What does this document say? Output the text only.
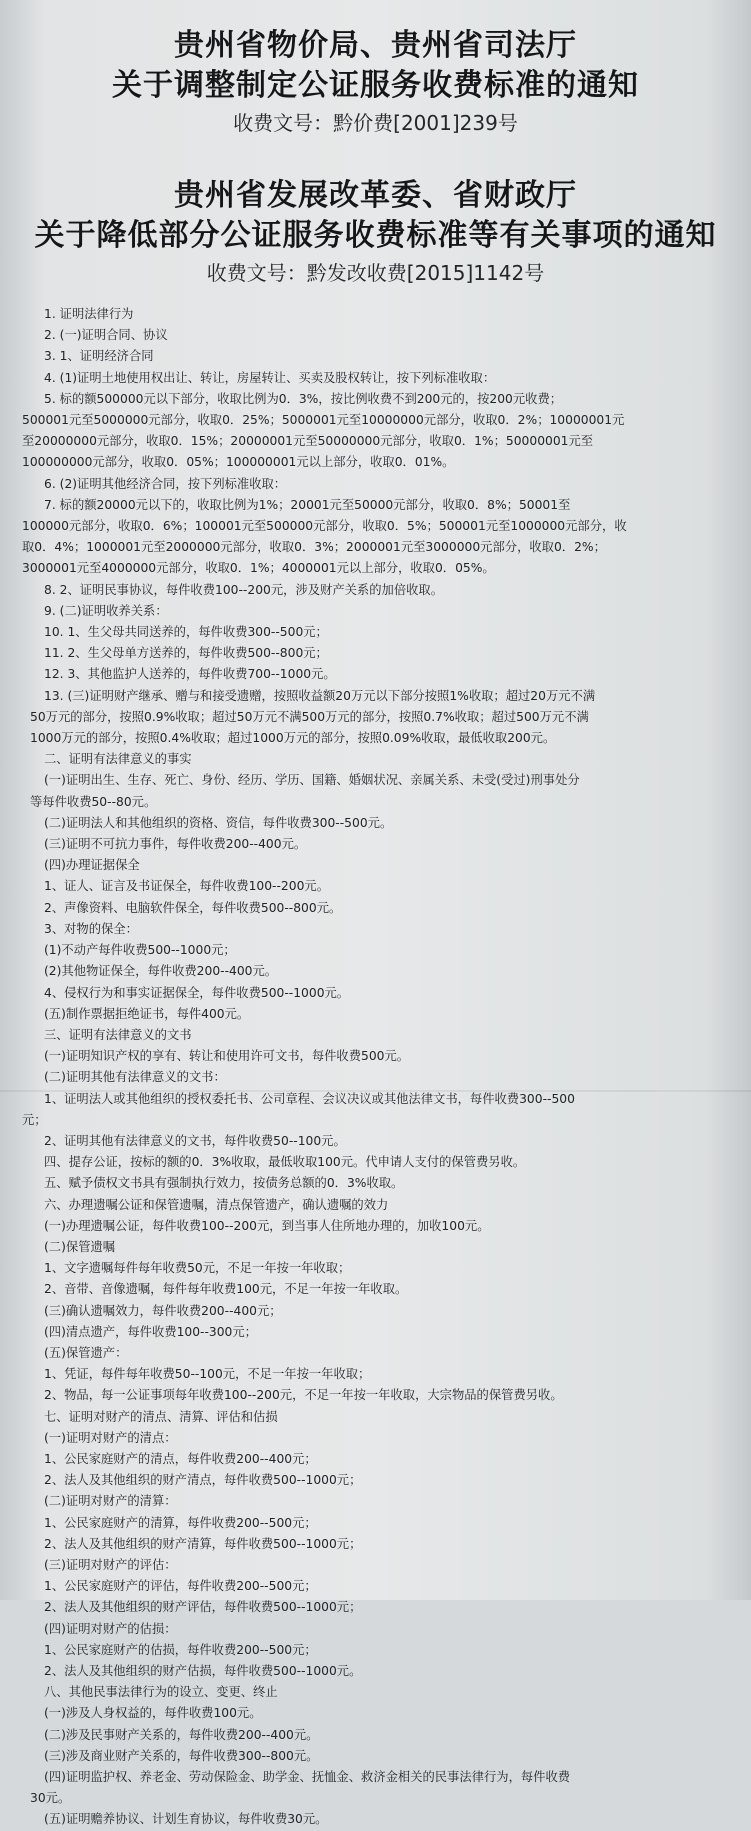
贵州省物价局、贵州省司法厅
关于调整制定公证服务收费标准的通知
收费文号：黔价费[2001]239号
贵州省发展改革委、省财政厅
关于降低部分公证服务收费标准等有关事项的通知
收费文号：黔发改收费[2015]1142号
1. 证明法律行为
2. (一)证明合同、协议
3. 1、证明经济合同
4. (1)证明土地使用权出让、转让，房屋转让、买卖及股权转让，按下列标准收取：
5. 标的额500000元以下部分，收取比例为0．3%，按比例收费不到200元的，按200元收费；
500001元至5000000元部分，收取0．25%；5000001元至10000000元部分，收取0．2%；10000001元
至20000000元部分，收取0．15%；20000001元至50000000元部分，收取0．1%；50000001元至
100000000元部分，收取0．05%；100000001元以上部分，收取0．01%。
6. (2)证明其他经济合同，按下列标准收取：
7. 标的额20000元以下的，收取比例为1%；20001元至50000元部分，收取0．8%；50001至
100000元部分，收取0．6%；100001元至500000元部分，收取0．5%；500001元至1000000元部分，收
取0．4%；1000001元至2000000元部分，收取0．3%；2000001元至3000000元部分，收取0．2%；
3000001元至4000000元部分，收取0．1%；4000001元以上部分，收取0．05%。
8. 2、证明民事协议，每件收费100--200元，涉及财产关系的加倍收取。
9. (二)证明收养关系：
10. 1、生父母共同送养的，每件收费300--500元；
11. 2、生父母单方送养的，每件收费500--800元；
12. 3、其他监护人送养的，每件收费700--1000元。
13. (三)证明财产继承、赠与和接受遗赠，按照收益额20万元以下部分按照1%收取；超过20万元不满
50万元的部分，按照0.9%收取；超过50万元不满500万元的部分，按照0.7%收取；超过500万元不满
1000万元的部分，按照0.4%收取；超过1000万元的部分，按照0.09%收取，最低收取200元。
二、证明有法律意义的事实
(一)证明出生、生存、死亡、身份、经历、学历、国籍、婚姻状况、亲属关系、未受(受过)刑事处分
等每件收费50--80元。
(二)证明法人和其他组织的资格、资信，每件收费300--500元。
(三)证明不可抗力事件，每件收费200--400元。
(四)办理证据保全
1、证人、证言及书证保全，每件收费100--200元。
2、声像资料、电脑软件保全，每件收费500--800元。
3、对物的保全：
(1)不动产每件收费500--1000元；
(2)其他物证保全，每件收费200--400元。
4、侵权行为和事实证据保全，每件收费500--1000元。
(五)制作票据拒绝证书，每件400元。
三、证明有法律意义的文书
(一)证明知识产权的享有、转让和使用许可文书，每件收费500元。
(二)证明其他有法律意义的文书：
1、证明法人或其他组织的授权委托书、公司章程、会议决议或其他法律文书，每件收费300--500
元；
2、证明其他有法律意义的文书，每件收费50--100元。
四、提存公证，按标的额的0．3%收取，最低收取100元。代申请人支付的保管费另收。
五、赋予债权文书具有强制执行效力，按债务总额的0．3%收取。
六、办理遗嘱公证和保管遗嘱，清点保管遗产，确认遗嘱的效力
(一)办理遗嘱公证，每件收费100--200元，到当事人住所地办理的，加收100元。
(二)保管遗嘱
1、文字遗嘱每件每年收费50元，不足一年按一年收取；
2、音带、音像遗嘱，每件每年收费100元，不足一年按一年收取。
(三)确认遗嘱效力，每件收费200--400元；
(四)清点遗产，每件收费100--300元；
(五)保管遗产：
1、凭证，每件每年收费50--100元，不足一年按一年收取；
2、物品，每一公证事项每年收费100--200元，不足一年按一年收取，大宗物品的保管费另收。
七、证明对财产的清点、清算、评估和估损
(一)证明对财产的清点：
1、公民家庭财产的清点，每件收费200--400元；
2、法人及其他组织的财产清点，每件收费500--1000元；
(二)证明对财产的清算：
1、公民家庭财产的清算，每件收费200--500元；
2、法人及其他组织的财产清算，每件收费500--1000元；
(三)证明对财产的评估：
1、公民家庭财产的评估，每件收费200--500元；
2、法人及其他组织的财产评估，每件收费500--1000元；
(四)证明对财产的估损：
1、公民家庭财产的估损，每件收费200--500元；
2、法人及其他组织的财产估损，每件收费500--1000元。
八、其他民事法律行为的设立、变更、终止
(一)涉及人身权益的，每件收费100元。
(二)涉及民事财产关系的，每件收费200--400元。
(三)涉及商业财产关系的，每件收费300--800元。
(四)证明监护权、养老金、劳动保险金、助学金、抚恤金、救济金相关的民事法律行为，每件收费
30元。
(五)证明赡养协议、计划生育协议，每件收费30元。
